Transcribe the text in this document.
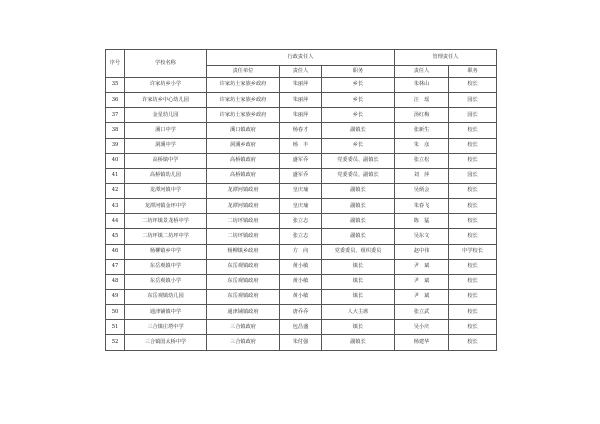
序号	学校名称	行政责任人			管理责任人	
		责任单位	责任人	职务	责任人	职务
35	许家坊乡小学	许家坊土家族乡政府	朱丽萍	乡长	朱林山	校长
36	许家坊乡中心幼儿园	许家坊土家族乡政府	朱丽萍	乡长	汪　瑶	园长
37	金星幼儿园	许家坊土家族乡政府	朱丽萍	乡长	汤红梅	园长
38	溪口中学	溪口镇政府	杨春才	副镇长	张新生	校长
39	洞溪中学	洞溪乡政府	杨　丰	乡长	朱　彦	校长
40	高桥镇中学	高桥镇政府	盛军乔	党委委员、副镇长	张立松	校长
41	高桥镇幼儿园	高桥镇政府	盛军乔	党委委员、副镇长	刘　萍	园长
42	龙潭河镇中学	龙潭河镇政府	皇庆瑜	副镇长	吴炳会	校长
43	龙潭河镇金坪中学	龙潭河镇政府	皇庆瑜	副镇长	朱春飞	校长
44	二坊坪镇景龙桥中学	二坊坪镇政府	张立志	副镇长	陈　猛	校长
45	二坊坪镇二坊坪中学	二坊坪镇政府	张立志	副镇长	吴东文	校长
46	杨柳镇乡中学	杨柳镇乡政府	方　向	党委委员、组织委员	赵中伟	中学校长
47	东岳观镇中学	东岳观镇政府	黄小敏	镇长	尹　斌	校长
48	东岳观镇小学	东岳观镇政府	黄小敏	镇长	尹　斌	校长
49	东岳观镇幼儿园	东岳观镇政府	黄小敏	镇长	尹　斌	校长
50	通津铺镇中学	通津铺镇政府	唐乔乔	人大主席	张立武	校长
51	三合镇庄塔中学	三合镇政府	包昌盛	镇长	吴小庆	校长
52	三合镇国太桥中学	三合镇政府	朱付强	副镇长	杨建华	校长
